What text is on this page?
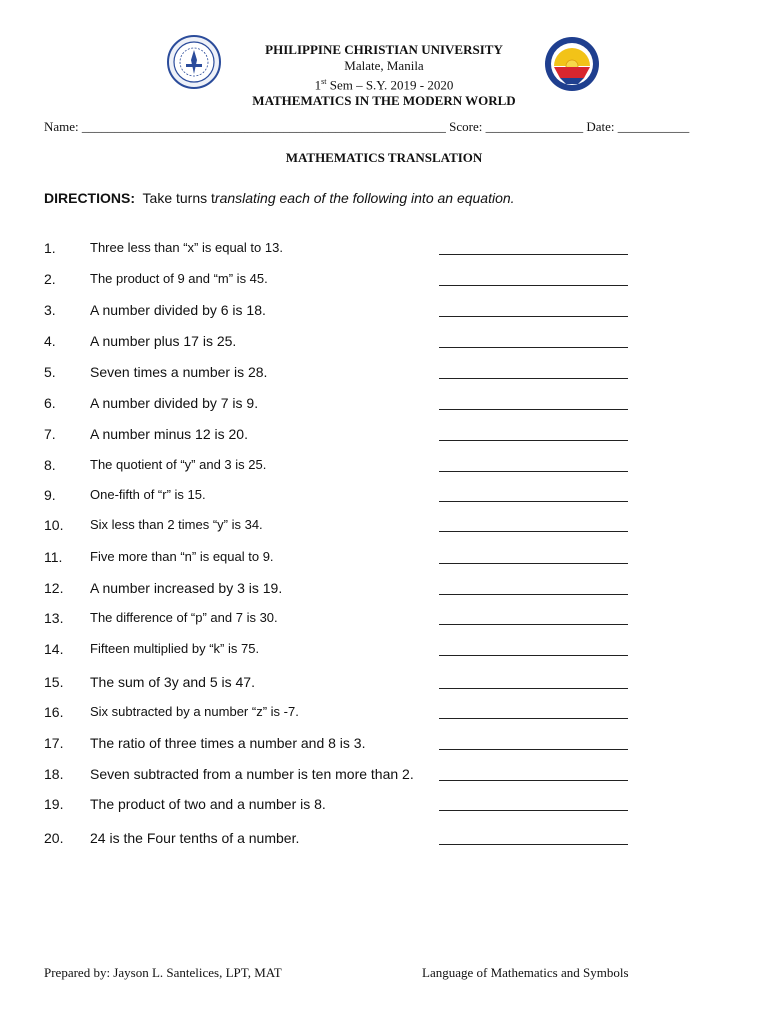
PHILIPPINE CHRISTIAN UNIVERSITY
Malate, Manila
1st Sem – S.Y. 2019 - 2020
MATHEMATICS IN THE MODERN WORLD
Name: ________________________________________________________ Score: _______________ Date: ___________
MATHEMATICS TRANSLATION
DIRECTIONS: Take turns translating each of the following into an equation.
1.	Three less than “x” is equal to 13.
2.	The product of 9 and “m” is 45.
3. A number divided by 6 is 18.
4. A number plus 17 is 25.
5. Seven times a number is 28.
6. A number divided by 7 is 9.
7. A number minus 12 is 20.
8.	The quotient of “y” and 3 is 25.
9.	One-fifth of “r” is 15.
10. Six less than 2 times “y” is 34.
11. Five more than “n” is equal to 9.
12. A number increased by 3 is 19.
13. The difference of “p” and 7 is 30.
14. Fifteen multiplied by “k” is 75.
15. The sum of 3y and 5 is 47.
16. Six subtracted by a number “z” is -7.
17. The ratio of three times a number and 8 is 3.
18. Seven subtracted from a number is ten more than 2.
19. The product of two and a number is 8.
20. 24 is the Four tenths of a number.
Prepared by: Jayson L. Santelices, LPT, MAT	Language of Mathematics and Symbols
